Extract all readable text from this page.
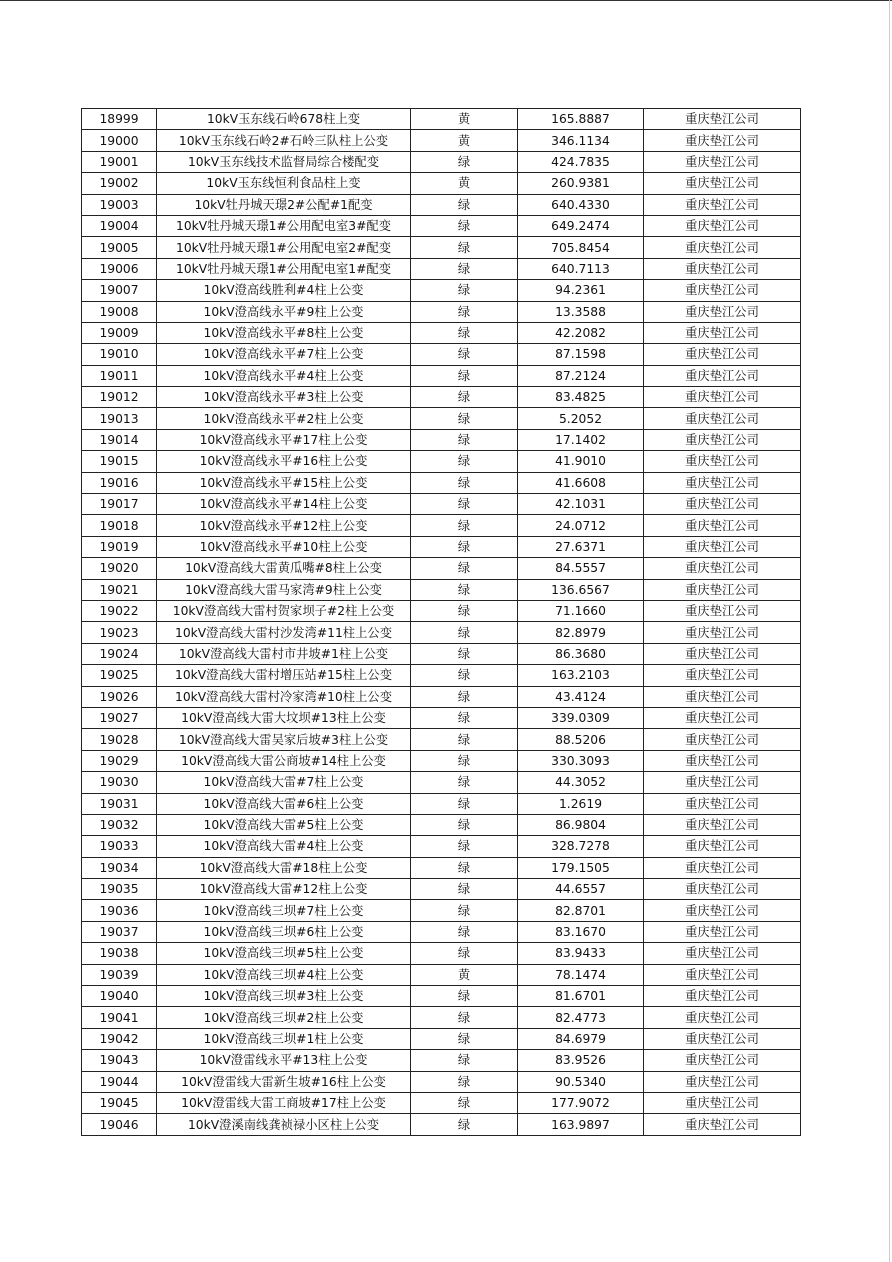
18999	10kV玉东线石岭678柱上变	黄	165.8887	重庆垫江公司
19000	10kV玉东线石岭2#石岭三队柱上公变	黄	346.1134	重庆垫江公司
19001	10kV玉东线技术监督局综合楼配变	绿	424.7835	重庆垫江公司
19002	10kV玉东线恒利食品柱上变	黄	260.9381	重庆垫江公司
19003	10kV牡丹城天璟2#公配#1配变	绿	640.4330	重庆垫江公司
19004	10kV牡丹城天璟1#公用配电室3#配变	绿	649.2474	重庆垫江公司
19005	10kV牡丹城天璟1#公用配电室2#配变	绿	705.8454	重庆垫江公司
19006	10kV牡丹城天璟1#公用配电室1#配变	绿	640.7113	重庆垫江公司
19007	10kV澄高线胜利#4柱上公变	绿	94.2361	重庆垫江公司
19008	10kV澄高线永平#9柱上公变	绿	13.3588	重庆垫江公司
19009	10kV澄高线永平#8柱上公变	绿	42.2082	重庆垫江公司
19010	10kV澄高线永平#7柱上公变	绿	87.1598	重庆垫江公司
19011	10kV澄高线永平#4柱上公变	绿	87.2124	重庆垫江公司
19012	10kV澄高线永平#3柱上公变	绿	83.4825	重庆垫江公司
19013	10kV澄高线永平#2柱上公变	绿	5.2052	重庆垫江公司
19014	10kV澄高线永平#17柱上公变	绿	17.1402	重庆垫江公司
19015	10kV澄高线永平#16柱上公变	绿	41.9010	重庆垫江公司
19016	10kV澄高线永平#15柱上公变	绿	41.6608	重庆垫江公司
19017	10kV澄高线永平#14柱上公变	绿	42.1031	重庆垫江公司
19018	10kV澄高线永平#12柱上公变	绿	24.0712	重庆垫江公司
19019	10kV澄高线永平#10柱上公变	绿	27.6371	重庆垫江公司
19020	10kV澄高线大雷黄瓜嘴#8柱上公变	绿	84.5557	重庆垫江公司
19021	10kV澄高线大雷马家湾#9柱上公变	绿	136.6567	重庆垫江公司
19022	10kV澄高线大雷村贺家坝子#2柱上公变	绿	71.1660	重庆垫江公司
19023	10kV澄高线大雷村沙发湾#11柱上公变	绿	82.8979	重庆垫江公司
19024	10kV澄高线大雷村市井坡#1柱上公变	绿	86.3680	重庆垫江公司
19025	10kV澄高线大雷村增压站#15柱上公变	绿	163.2103	重庆垫江公司
19026	10kV澄高线大雷村冷家湾#10柱上公变	绿	43.4124	重庆垫江公司
19027	10kV澄高线大雷大坟坝#13柱上公变	绿	339.0309	重庆垫江公司
19028	10kV澄高线大雷吴家后坡#3柱上公变	绿	88.5206	重庆垫江公司
19029	10kV澄高线大雷公商坡#14柱上公变	绿	330.3093	重庆垫江公司
19030	10kV澄高线大雷#7柱上公变	绿	44.3052	重庆垫江公司
19031	10kV澄高线大雷#6柱上公变	绿	1.2619	重庆垫江公司
19032	10kV澄高线大雷#5柱上公变	绿	86.9804	重庆垫江公司
19033	10kV澄高线大雷#4柱上公变	绿	328.7278	重庆垫江公司
19034	10kV澄高线大雷#18柱上公变	绿	179.1505	重庆垫江公司
19035	10kV澄高线大雷#12柱上公变	绿	44.6557	重庆垫江公司
19036	10kV澄高线三坝#7柱上公变	绿	82.8701	重庆垫江公司
19037	10kV澄高线三坝#6柱上公变	绿	83.1670	重庆垫江公司
19038	10kV澄高线三坝#5柱上公变	绿	83.9433	重庆垫江公司
19039	10kV澄高线三坝#4柱上公变	黄	78.1474	重庆垫江公司
19040	10kV澄高线三坝#3柱上公变	绿	81.6701	重庆垫江公司
19041	10kV澄高线三坝#2柱上公变	绿	82.4773	重庆垫江公司
19042	10kV澄高线三坝#1柱上公变	绿	84.6979	重庆垫江公司
19043	10kV澄雷线永平#13柱上公变	绿	83.9526	重庆垫江公司
19044	10kV澄雷线大雷新生坡#16柱上公变	绿	90.5340	重庆垫江公司
19045	10kV澄雷线大雷工商坡#17柱上公变	绿	177.9072	重庆垫江公司
19046	10kV澄溪南线龚祯禄小区柱上公变	绿	163.9897	重庆垫江公司
